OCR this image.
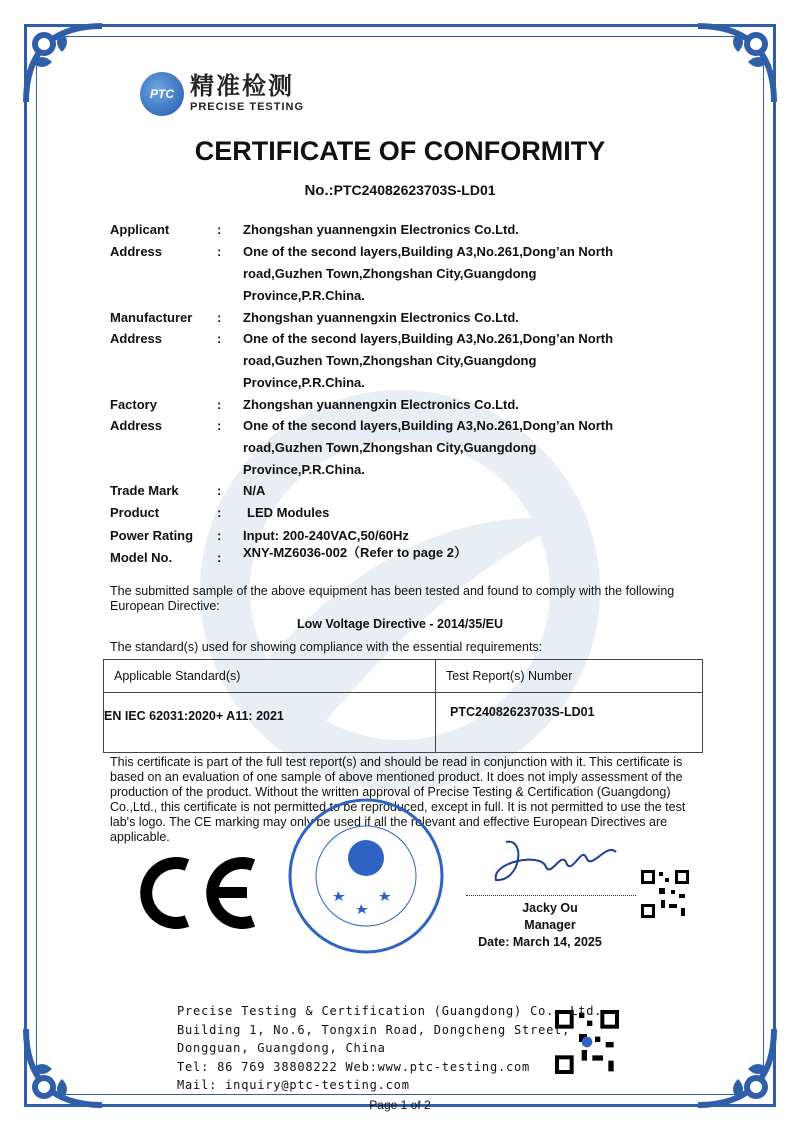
PTC 精准检测
PRECISE TESTING
CERTIFICATE OF CONFORMITY
No.:PTC24082623703S-LD01
Applicant	: Zhongshan yuannengxin Electronics Co.Ltd.
Address	: One of the second layers,Building A3,No.261,Dong’an North
road,Guzhen Town,Zhongshan City,Guangdong
Province,P.R.China.
Manufacturer	: Zhongshan yuannengxin Electronics Co.Ltd.
Address	: One of the second layers,Building A3,No.261,Dong’an North
road,Guzhen Town,Zhongshan City,Guangdong
Province,P.R.China.
Factory	: Zhongshan yuannengxin Electronics Co.Ltd.
Address	: One of the second layers,Building A3,No.261,Dong’an North
road,Guzhen Town,Zhongshan City,Guangdong
Province,P.R.China.
Trade Mark	: N/A
Product	: LED Modules
Power Rating	: Input: 200-240VAC,50/60Hz
Model No.	: XNY-MZ6036-002（Refer to page 2）
The submitted sample of the above equipment has been tested and found to comply with the following European Directive:
Low Voltage Directive - 2014/35/EU
The standard(s) used for showing compliance with the essential requirements:
Applicable Standard(s)	Test Report(s) Number
EN IEC 62031:2020+ A11: 2021	PTC24082623703S-LD01
This certificate is part of the full test report(s) and should be read in conjunction with it. This certificate is based on an evaluation of one sample of above mentioned product. It does not imply assessment of the production of the product. Without the written approval of Precise Testing & Certification (Guangdong) Co.,Ltd., this certificate is not permitted to be reproduced, except in full. It is not permitted to use the test lab's logo. The CE marking may only be used if all the relevant and effective European Directives are applicable.
Jacky Ou
Manager
Date: March 14, 2025
Precise Testing & Certification (Guangdong) Co., Ltd.
Building 1, No.6, Tongxin Road, Dongcheng Street,
Dongguan, Guangdong, China
Tel: 86 769 38808222 Web:www.ptc-testing.com
Mail: inquiry@ptc-testing.com
Page 1 of 2
